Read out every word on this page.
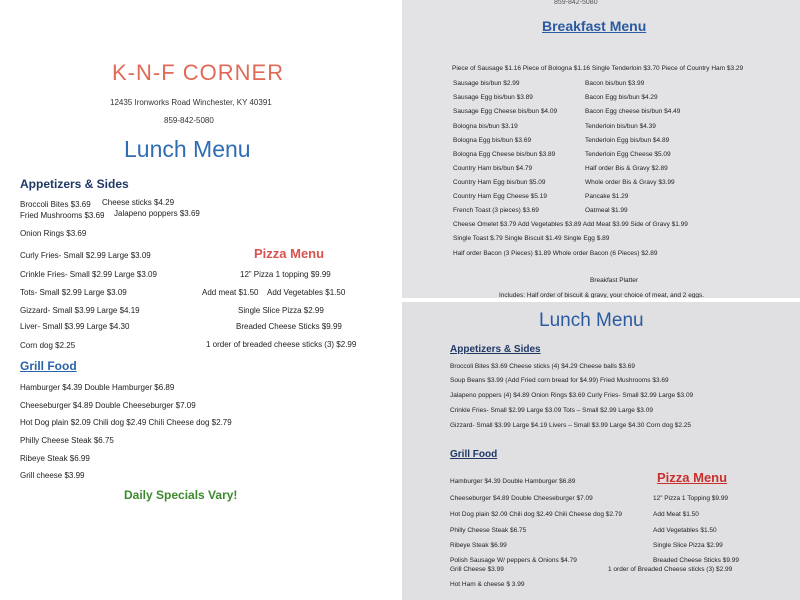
K-N-F CORNER
12435 Ironworks Road Winchester, KY 40391
859-842-5080
Lunch Menu
Appetizers & Sides
Broccoli Bites $3.69 Cheese sticks $4.29
Fried Mushrooms $3.69 Jalapeno poppers $3.69
Onion Rings $3.69
Curly Fries- Small $2.99 Large $3.09
Crinkle Fries- Small $2.99 Large $3.09
Tots- Small $2.99 Large $3.09
Gizzard- Small $3.99 Large $4.19
Liver- Small $3.99 Large $4.30
Corn dog $2.25
Pizza Menu
12” Pizza 1 topping $9.99
Add meat $1.50 Add Vegetables $1.50
Single Slice Pizza $2.99
Breaded Cheese Sticks $9.99
1 order of breaded cheese sticks (3) $2.99
Grill Food
Hamburger $4.39 Double Hamburger $6.89
Cheeseburger $4.89 Double Cheeseburger $7.09
Hot Dog plain $2.09 Chili dog $2.49 Chili Cheese dog $2.79
Philly Cheese Steak $6.75
Ribeye Steak $6.99
Grill cheese $3.99
Daily Specials Vary!
859-842-5080
Breakfast Menu
Piece of Sausage $1.16 Piece of Bologna $1.16 Single Tenderloin $3.70 Piece of Country Ham $3.29
Sausage bis/bun $2.99
Sausage Egg bis/bun $3.89
Sausage Egg Cheese bis/bun $4.09
Bologna bis/bun $3.19
Bologna Egg bis/bun $3.69
Bologna Egg Cheese bis/bun $3.89
Country Ham bis/bun $4.79
Country Ham Egg bis/bun $5.09
Country Ham Egg Cheese $5.19
French Toast (3 pieces) $3.69
Bacon bis/bun $3.99
Bacon Egg bis/bun $4.29
Bacon Egg cheese bis/bun $4.49
Tenderloin bis/bun $4.39
Tenderloin Egg bis/bun $4.89
Tenderloin Egg Cheese $5.09
Half order Bis & Gravy $2.89
Whole order Bis & Gravy $3.99
Pancake $1.29
Oatmeal $1.99
Cheese Omelet $3.79 Add Vegetables $3.89 Add Meat $3.99 Side of Gravy $1.99
Single Toast $.79 Single Biscuit $1.49 Single Egg $.89
Half order Bacon (3 Pieces) $1.89 Whole order Bacon (6 Pieces) $2.89
Breakfast Platter
Includes: Half order of biscuit & gravy, your choice of meat, and 2 eggs.
Lunch Menu
Appetizers & Sides
Broccoli Bites $3.69 Cheese sticks (4) $4.29 Cheese balls $3.69
Soup Beans $3.99 (Add Fried corn bread for $4.99) Fried Mushrooms $3.69
Jalapeno poppers (4) $4.89 Onion Rings $3.69 Curly Fries- Small $2.99 Large $3.09
Crinkle Fries- Small $2.99 Large $3.09 Tots – Small $2.99 Large $3.09
Gizzard- Small $3.99 Large $4.19 Livers – Small $3.99 Large $4.30 Corn dog $2.25
Grill Food
Pizza Menu
Hamburger $4.39 Double Hamburger $6.89
Cheeseburger $4.89 Double Cheeseburger $7.09
Hot Dog plain $2.09 Chili dog $2.49 Chili Cheese dog $2.79
Philly Cheese Steak $6.75
Ribeye Steak $6.99
Polish Sausage W/ peppers & Onions $4.79
Grill Cheese $3.99
Hot Ham & cheese $ 3.99
12” Pizza 1 Topping $9.99
Add Meat $1.50
Add Vegetables $1.50
Single Slice Pizza $2.99
Breaded Cheese Sticks $9.99
1 order of Breaded Cheese sticks (3) $2.99
